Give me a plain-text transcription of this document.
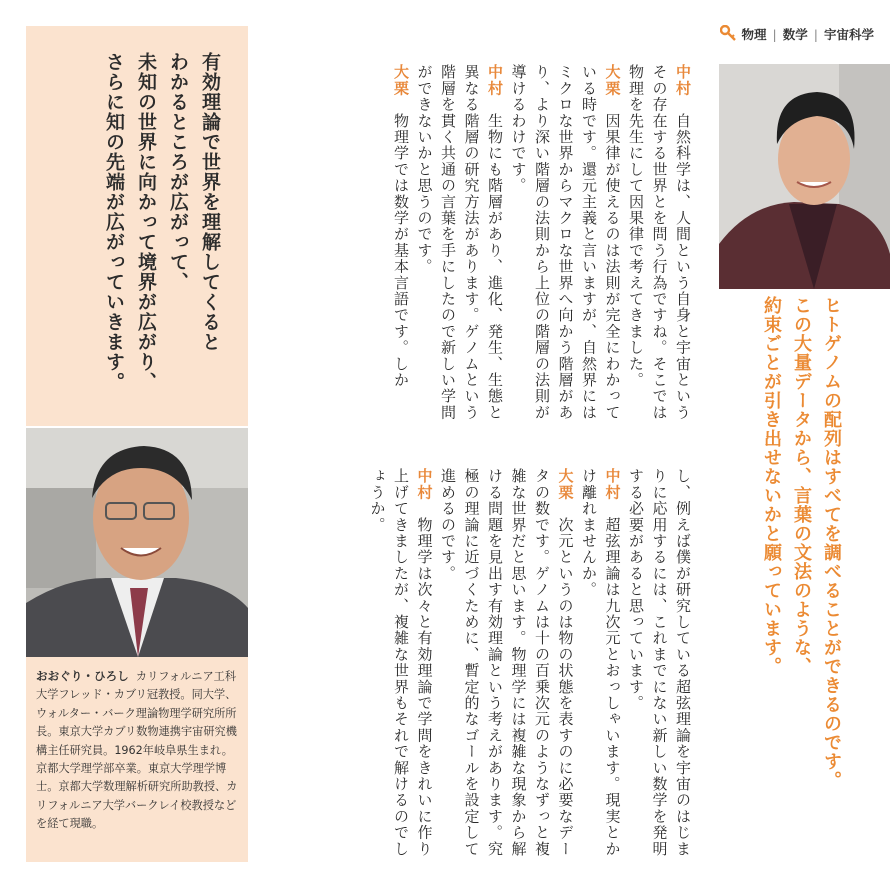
物理 | 数学 | 宇宙科学
有効理論で世界を理解してくると
わかるところが広がって、
未知の世界に向かって境界が広がり、
さらに知の先端が広がっていきます。
おおぐり・ひろし カリフォルニア工科大学フレッド・カブリ冠教授。同大学、ウォルター・バーク理論物理学研究所所長。東京大学カブリ数物連携宇宙研究機構主任研究員。1962年岐阜県生まれ。京都大学理学部卒業。東京大学理学博士。京都大学数理解析研究所助教授、カリフォルニア大学バークレイ校教授などを経て現職。

中村　自然科学は、人間という自身と宇宙というその存在する世界とを問う行為ですね。そこでは物理を先生にして因果律で考えてきました。

大栗　因果律が使えるのは法則が完全にわかっている時です。還元主義と言いますが、自然界にはミクロな世界からマクロな世界へ向かう階層があり、より深い階層の法則から上位の階層の法則が導けるわけです。

中村　生物にも階層があり、進化、発生、生態と異なる階層の研究方法があります。ゲノムという階層を貫く共通の言葉を手にしたので新しい学問ができないかと思うのです。

大栗　物理学では数学が基本言語です。しか

し、例えば僕が研究している超弦理論を宇宙のはじまりに応用するには、これまでにない新しい数学を発明する必要があると思っています。

中村　超弦理論は九次元とおっしゃいます。現実とかけ離れませんか。

大栗　次元というのは物の状態を表すのに必要なデータの数です。ゲノムは十の百乗次元のようなずっと複雑な世界だと思います。物理学には複雑な現象から解ける問題を見出す有効理論という考えがあります。究極の理論に近づくために、暫定的なゴールを設定して進めるのです。

中村　物理学は次々と有効理論で学問をきれいに作り上げてきましたが、複雑な世界もそれで解けるのでしょうか。	ヒトゲノムの配列はすべてを調べることができるのです。
この大量データから、言葉の文法のような、
約束ごとが引き出せないかと願っています。
